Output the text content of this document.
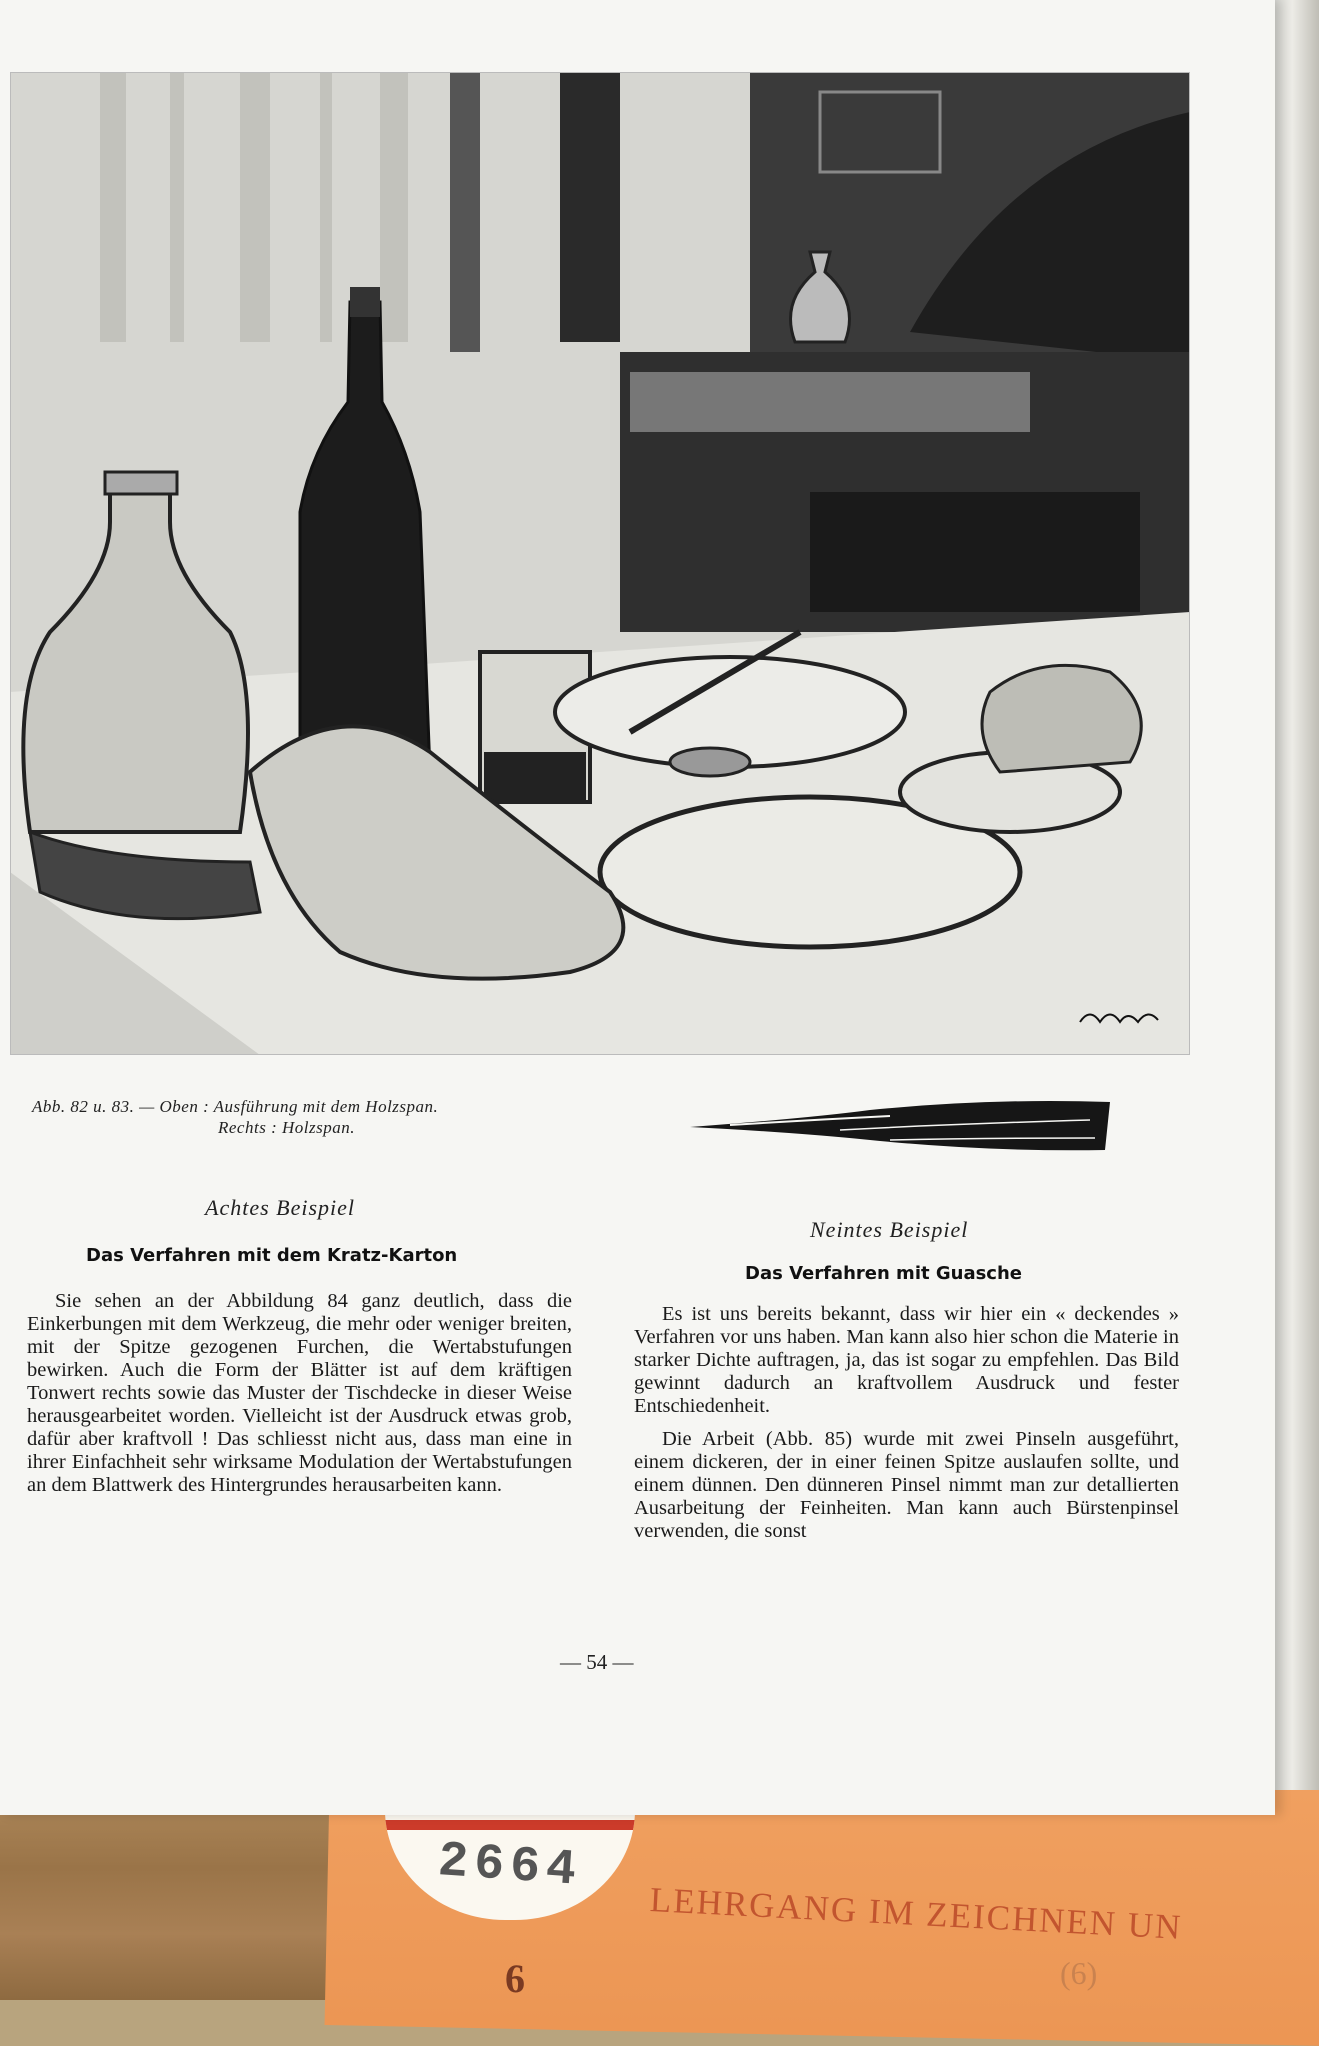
2664
LEHRGANG IM ZEICHNEN UN
6	(6)
Abb. 82 u. 83. — Oben : Ausführung mit dem Holzspan.
Rechts : Holzspan.
Achtes Beispiel
Das Verfahren mit dem Kratz-Karton

Sie sehen an der Abbildung 84 ganz deutlich, dass die Einkerbungen mit dem Werkzeug, die mehr oder weniger breiten, mit der Spitze gezogenen Furchen, die Wertabstufungen bewirken. Auch die Form der Blätter ist auf dem kräftigen Tonwert rechts sowie das Muster der Tischdecke in dieser Weise herausgearbeitet worden. Vielleicht ist der Ausdruck etwas grob, dafür aber kraftvoll ! Das schliesst nicht aus, dass man eine in ihrer Einfachheit sehr wirksame Modulation der Wertabstufungen an dem Blattwerk des Hintergrundes herausarbeiten kann.

Neintes Beispiel
Das Verfahren mit Guasche

Es ist uns bereits bekannt, dass wir hier ein « deckendes » Verfahren vor uns haben. Man kann also hier schon die Materie in starker Dichte auftragen, ja, das ist sogar zu empfehlen. Das Bild gewinnt dadurch an kraftvollem Ausdruck und fester Entschiedenheit.

Die Arbeit (Abb. 85) wurde mit zwei Pinseln ausgeführt, einem dickeren, der in einer feinen Spitze auslaufen sollte, und einem dünnen. Den dünneren Pinsel nimmt man zur detallierten Ausarbeitung der Feinheiten. Man kann auch Bürstenpinsel verwenden, die sonst

— 54 —
